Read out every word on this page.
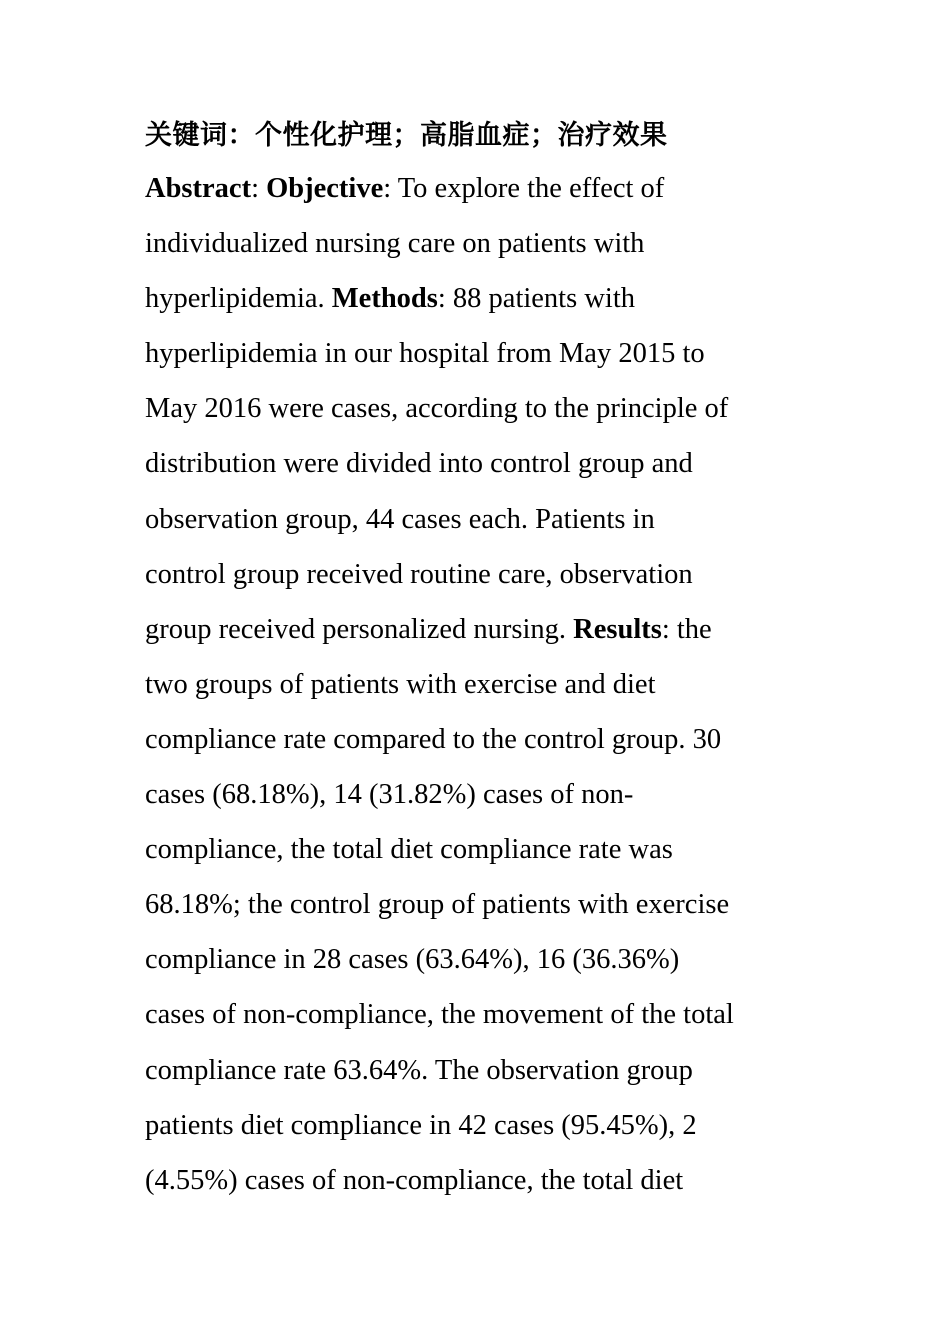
关键词：个性化护理；高脂血症；治疗效果
Abstract: Objective: To explore the effect of
individualized nursing care on patients with
hyperlipidemia. Methods: 88 patients with
hyperlipidemia in our hospital from May 2015 to
May 2016 were cases, according to the principle of
distribution were divided into control group and
observation group, 44 cases each. Patients in
control group received routine care, observation
group received personalized nursing. Results: the
two groups of patients with exercise and diet
compliance rate compared to the control group. 30
cases (68.18%), 14 (31.82%) cases of non-
compliance, the total diet compliance rate was
68.18%; the control group of patients with exercise
compliance in 28 cases (63.64%), 16 (36.36%)
cases of non-compliance, the movement of the total
compliance rate 63.64%. The observation group
patients diet compliance in 42 cases (95.45%), 2
(4.55%) cases of non-compliance, the total diet
